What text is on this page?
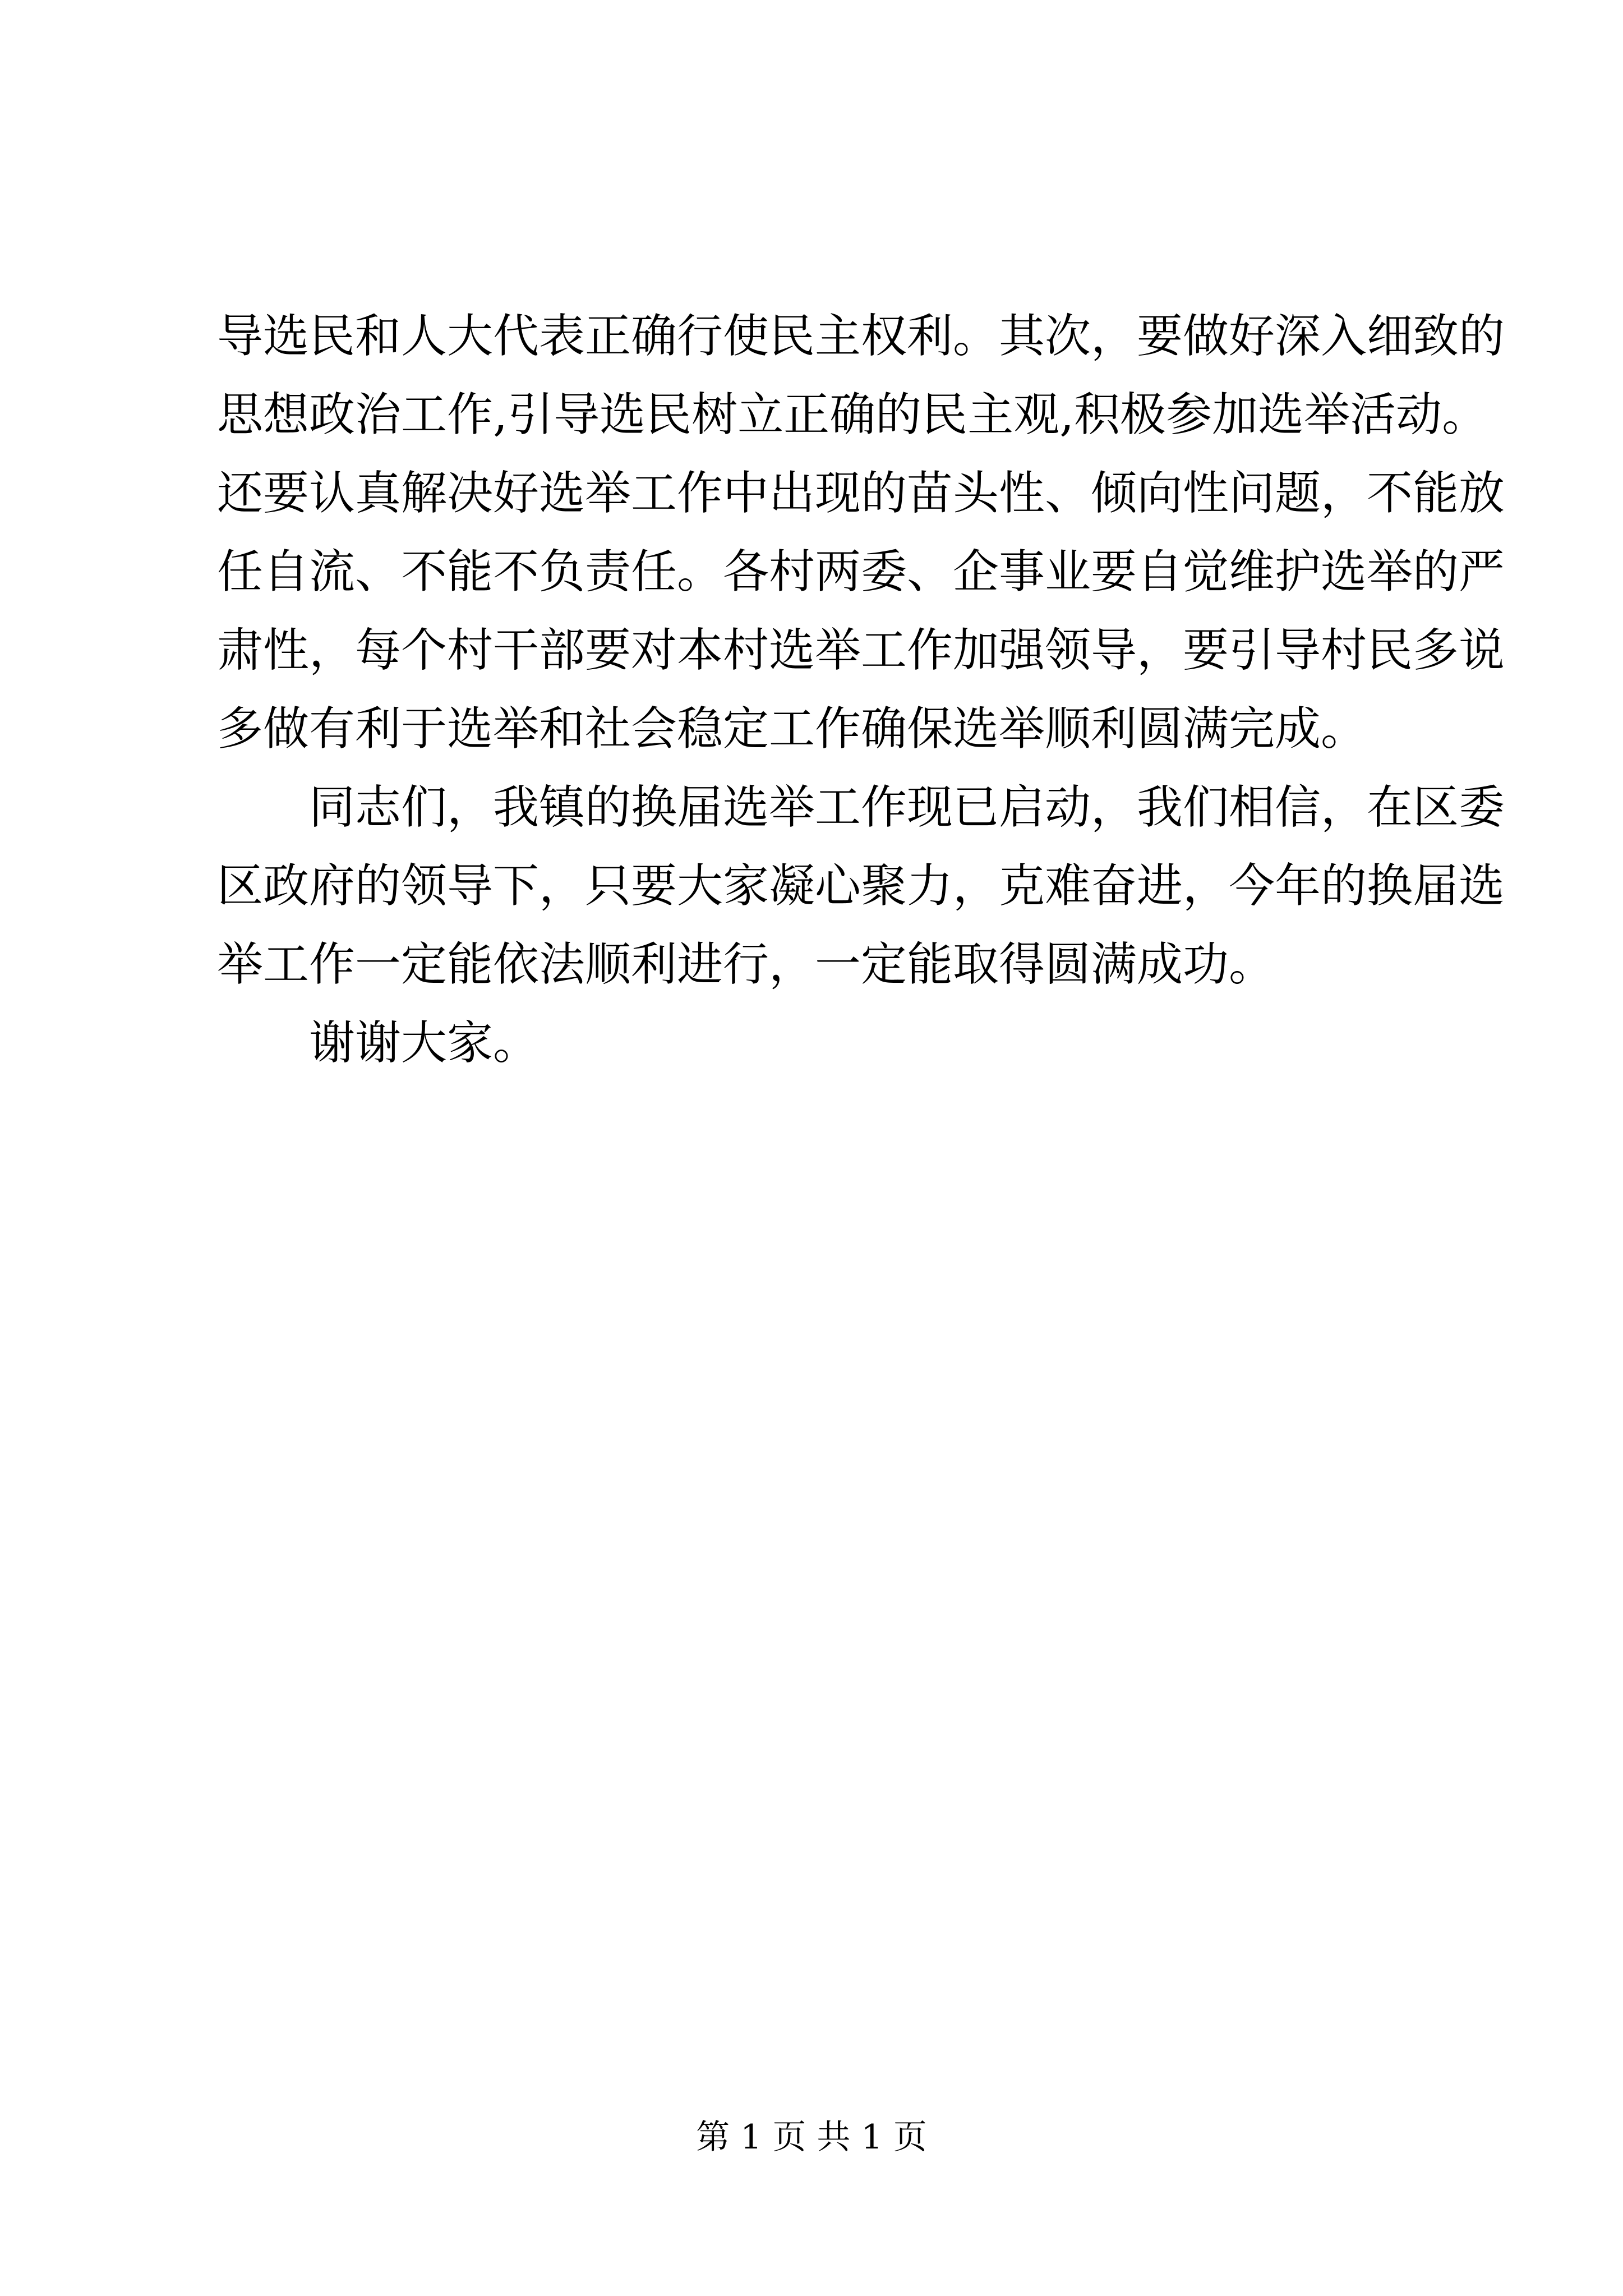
导选民和人大代表正确行使民主权利。其次，要做好深入细致的
思想政治工作,引导选民树立正确的民主观,积极参加选举活动。
还要认真解决好选举工作中出现的苗头性、倾向性问题，不能放
任自流、不能不负责任。各村两委、企事业要自觉维护选举的严
肃性，每个村干部要对本村选举工作加强领导，要引导村民多说
多做有利于选举和社会稳定工作确保选举顺利圆满完成。
同志们，我镇的换届选举工作现已启动，我们相信，在区委
区政府的领导下，只要大家凝心聚力，克难奋进，今年的换届选
举工作一定能依法顺利进行，一定能取得圆满成功。
谢谢大家。
第 1 页 共 1 页
